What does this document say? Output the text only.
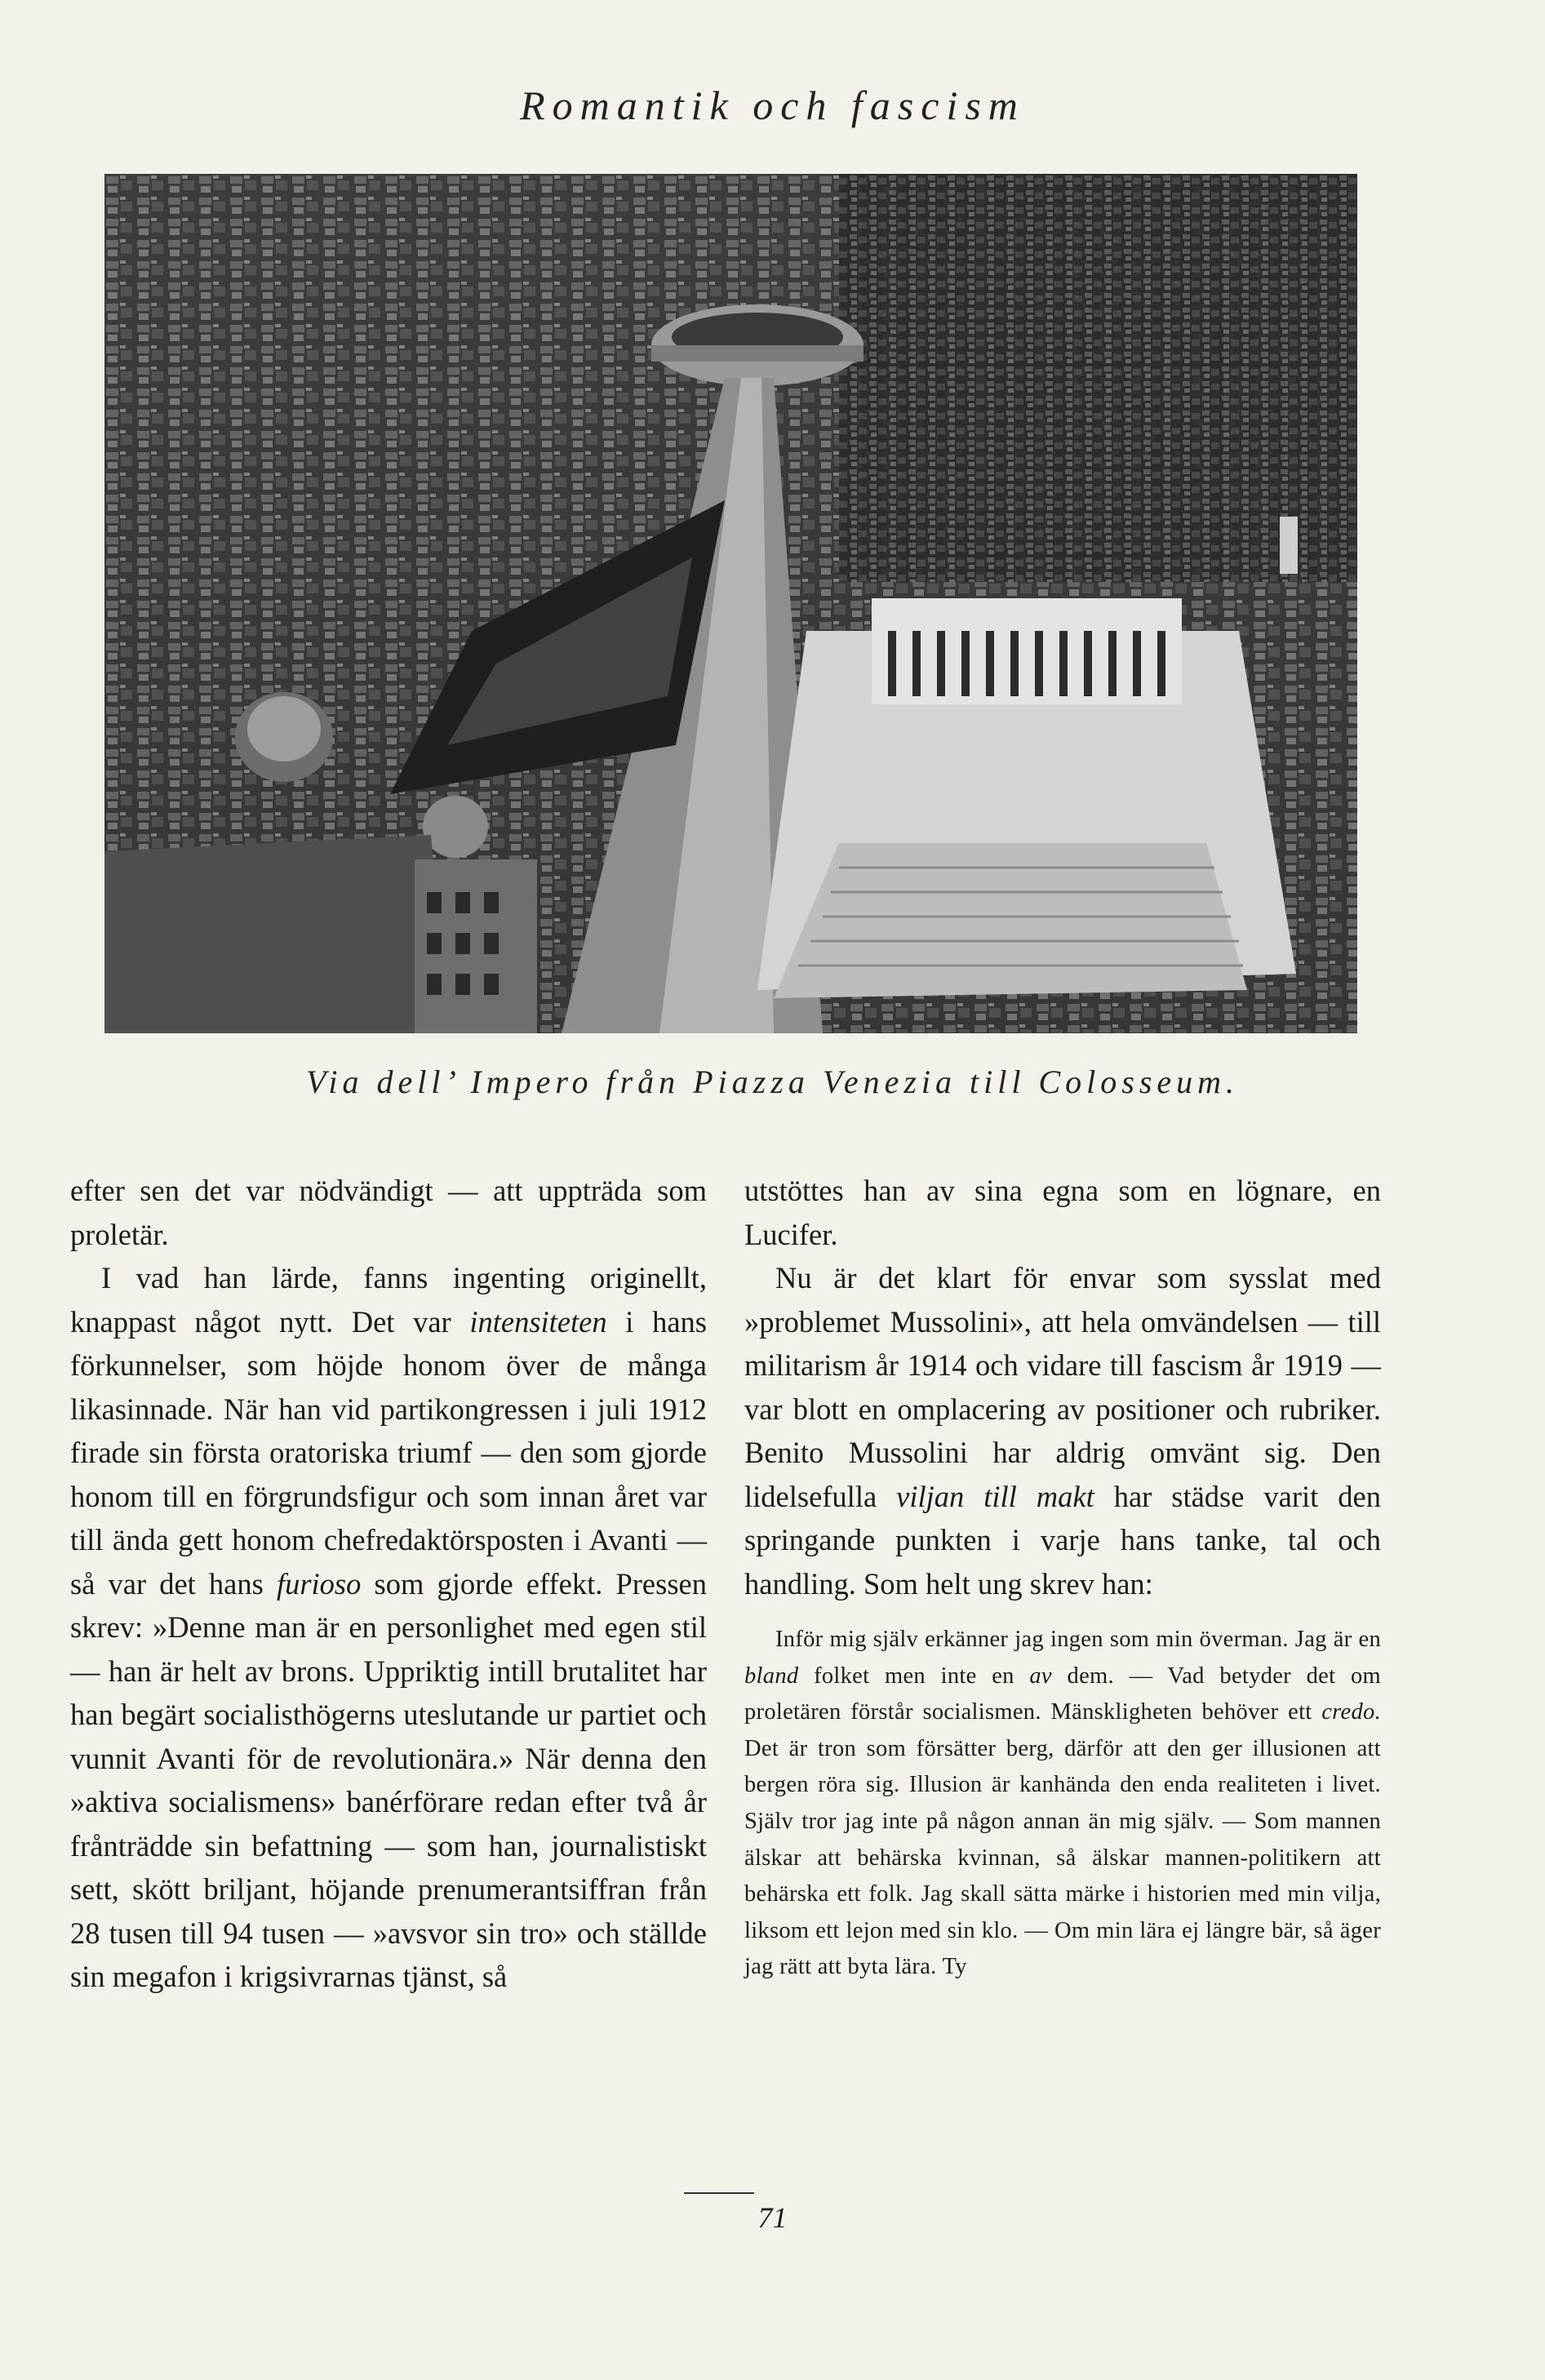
Romantik och fascism
Via dell’ Impero från Piazza Venezia till Colosseum.

efter sen det var nödvändigt — att uppträda som proletär.

I vad han lärde, fanns ingenting originellt, knappast något nytt. Det var intensiteten i hans förkunnelser, som höjde honom över de många likasinnade. När han vid partikongressen i juli 1912 firade sin första oratoriska triumf — den som gjorde honom till en förgrundsfigur och som innan året var till ända gett honom chefredaktörsposten i Avanti — så var det hans furioso som gjorde effekt. Pressen skrev: »Denne man är en personlighet med egen stil — han är helt av brons. Uppriktig intill brutalitet har han begärt socialisthögerns uteslutande ur partiet och vunnit Avanti för de revolutionära.» När denna den »aktiva socialismens» banérförare redan efter två år frånträdde sin befattning — som han, journalistiskt sett, skött briljant, höjande prenumerantsiffran från 28 tusen till 94 tusen — »avsvor sin tro» och ställde sin megafon i krigsivrarnas tjänst, så

utstöttes han av sina egna som en lögnare, en Lucifer.

Nu är det klart för envar som sysslat med »problemet Mussolini», att hela omvändelsen — till militarism år 1914 och vidare till fascism år 1919 — var blott en omplacering av positioner och rubriker. Benito Mussolini har aldrig omvänt sig. Den lidelsefulla viljan till makt har städse varit den springande punkten i varje hans tanke, tal och handling. Som helt ung skrev han:

Inför mig själv erkänner jag ingen som min överman. Jag är en bland folket men inte en av dem. — Vad betyder det om proletären förstår socialismen. Mänskligheten behöver ett credo. Det är tron som försätter berg, därför att den ger illusionen att bergen röra sig. Illusion är kanhända den enda realiteten i livet. Själv tror jag inte på någon annan än mig själv. — Som mannen älskar att behärska kvinnan, så älskar mannen-politikern att behärska ett folk. Jag skall sätta märke i historien med min vilja, liksom ett lejon med sin klo. — Om min lära ej längre bär, så äger jag rätt att byta lära. Ty

71
